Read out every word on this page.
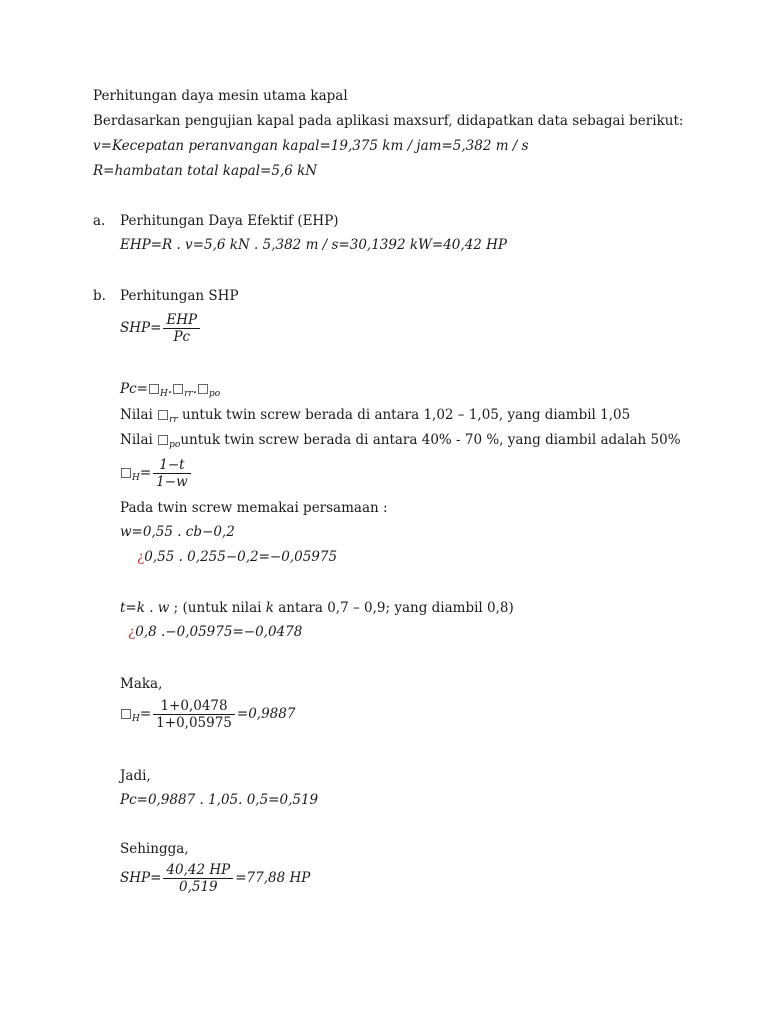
Perhitungan daya mesin utama kapal
Berdasarkan pengujian kapal pada aplikasi maxsurf, didapatkan data sebagai berikut:
v=Kecepatan peranvangan kapal=19,375 km / jam=5,382 m / s
R=hambatan total kapal=5,6 kN
a. Perhitungan Daya Efektif (EHP)
EHP=R . v=5,6 kN . 5,382 m / s=30,1392 kW=40,42 HP
b. Perhitungan SHP
$SHP= \frac{\text{EHP}}{Pc}$
Pc= $_H$. $_{rr}$. $_{po}$
Nilai $_{rr}$ untuk twin screw berada di antara 1,02 – 1,05, yang diambil 1,05
Nilai $_{po}$untuk twin screw berada di antara 40% - 70 %, yang diambil adalah 50%
$_H= \frac{1-t}{1-w}$
Pada twin screw memakai persamaan :
w=0,55 . cb−0,2
¿0,55 . 0,255−0,2=−0,05975
t=k . w ; (untuk nilai k antara 0,7 – 0,9; yang diambil 0,8)
¿0,8 .−0,05975=−0,0478
Maka,
$_H= \frac{1+0,0478}{1+0,05975} =0,9887$
Jadi,
Pc=0,9887 . 1,05. 0,5=0,519
Sehingga,
$SHP= \frac{40,42 HP}{0,519} =77,88$ HP
